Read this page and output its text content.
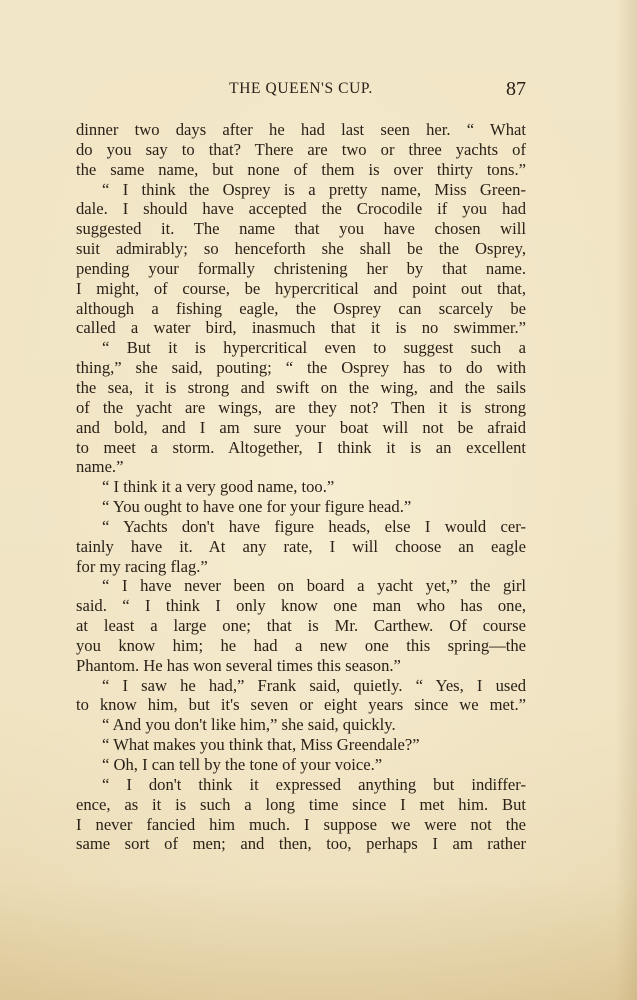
THE QUEEN'S CUP.	87
dinner two days after he had last seen her. “ What
do you say to that? There are two or three yachts of
the same name, but none of them is over thirty tons.”
“ I think the Osprey is a pretty name, Miss Green-
dale. I should have accepted the Crocodile if you had
suggested it. The name that you have chosen will
suit admirably; so henceforth she shall be the Osprey,
pending your formally christening her by that name.
I might, of course, be hypercritical and point out that,
although a fishing eagle, the Osprey can scarcely be
called a water bird, inasmuch that it is no swimmer.”
“ But it is hypercritical even to suggest such a
thing,” she said, pouting; “ the Osprey has to do with
the sea, it is strong and swift on the wing, and the sails
of the yacht are wings, are they not? Then it is strong
and bold, and I am sure your boat will not be afraid
to meet a storm. Altogether, I think it is an excellent
name.”
“ I think it a very good name, too.”
“ You ought to have one for your figure head.”
“ Yachts don't have figure heads, else I would cer-
tainly have it. At any rate, I will choose an eagle
for my racing flag.”
“ I have never been on board a yacht yet,” the girl
said. “ I think I only know one man who has one,
at least a large one; that is Mr. Carthew. Of course
you know him; he had a new one this spring—the
Phantom. He has won several times this season.”
“ I saw he had,” Frank said, quietly. “ Yes, I used
to know him, but it's seven or eight years since we met.”
“ And you don't like him,” she said, quickly.
“ What makes you think that, Miss Greendale?”
“ Oh, I can tell by the tone of your voice.”
“ I don't think it expressed anything but indiffer-
ence, as it is such a long time since I met him. But
I never fancied him much. I suppose we were not the
same sort of men; and then, too, perhaps I am rather
